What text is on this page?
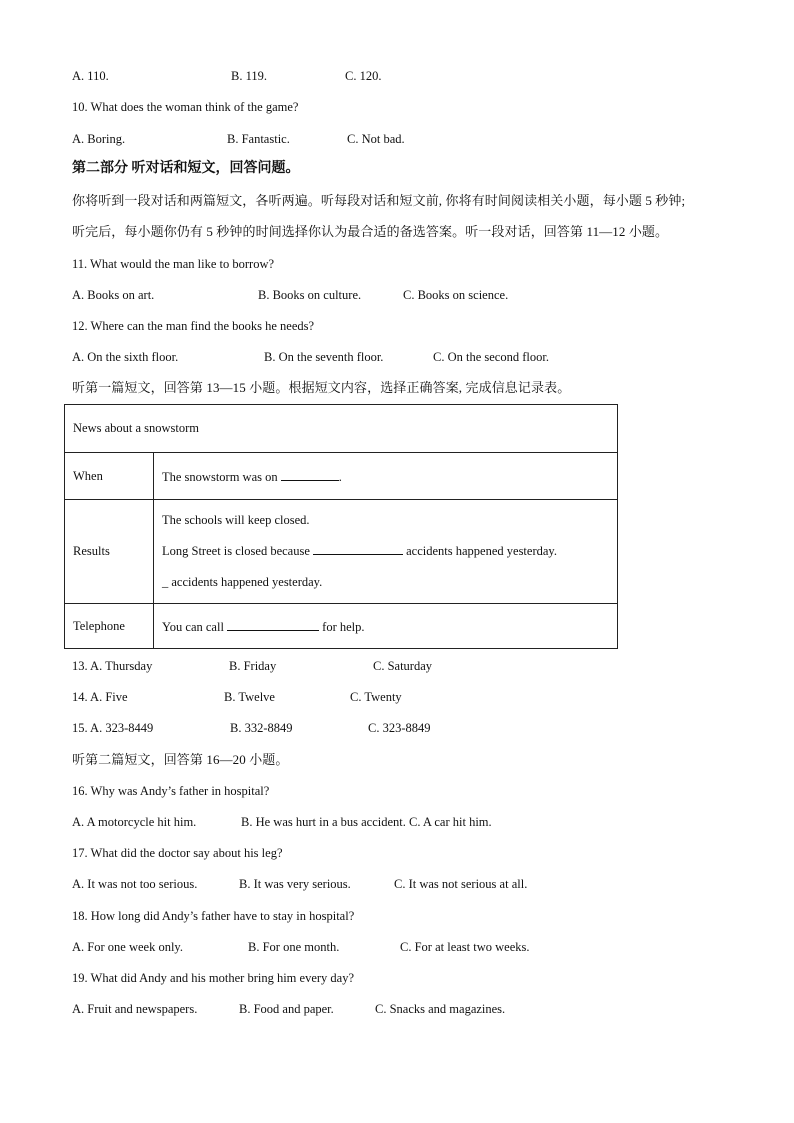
A. 110.	B. 119.	C. 120.
10. What does the woman think of the game?
A. Boring.	B. Fantastic.	C. Not bad.
第二部分 听对话和短文，回答问题。
你将听到一段对话和两篇短文，各听两遍。听每段对话和短文前, 你将有时间阅读相关小题，每小题 5 秒钟;
听完后，每小题你仍有 5 秒钟的时间选择你认为最合适的备选答案。听一段对话，回答第 11—12 小题。
11. What would the man like to borrow?
A. Books on art.	B. Books on culture.	C. Books on science.
12. Where can the man find the books he needs?
A. On the sixth floor.	B. On the seventh floor.	C. On the second floor.
听第一篇短文，回答第 13—15 小题。根据短文内容，选择正确答案, 完成信息记录表。
News about a snowstorm	
When	The snowstorm was on .
Results	The schools will keep closed.
Long Street is closed because accidents happened yesterday.
_ accidents happened yesterday.

Telephone	You can call for help.
13. A. Thursday	B. Friday	C. Saturday
14. A. Five	B. Twelve	C. Twenty
15. A. 323-8449	B. 332-8849	C. 323-8849
听第二篇短文，回答第 16—20 小题。
16. Why was Andy’s father in hospital?
A. A motorcycle hit him.	B. He was hurt in a bus accident. C. A car hit him.
17. What did the doctor say about his leg?
A. It was not too serious.	B. It was very serious.	C. It was not serious at all.
18. How long did Andy’s father have to stay in hospital?
A. For one week only.	B. For one month.	C. For at least two weeks.
19. What did Andy and his mother bring him every day?
A. Fruit and newspapers.	B. Food and paper.	C. Snacks and magazines.
